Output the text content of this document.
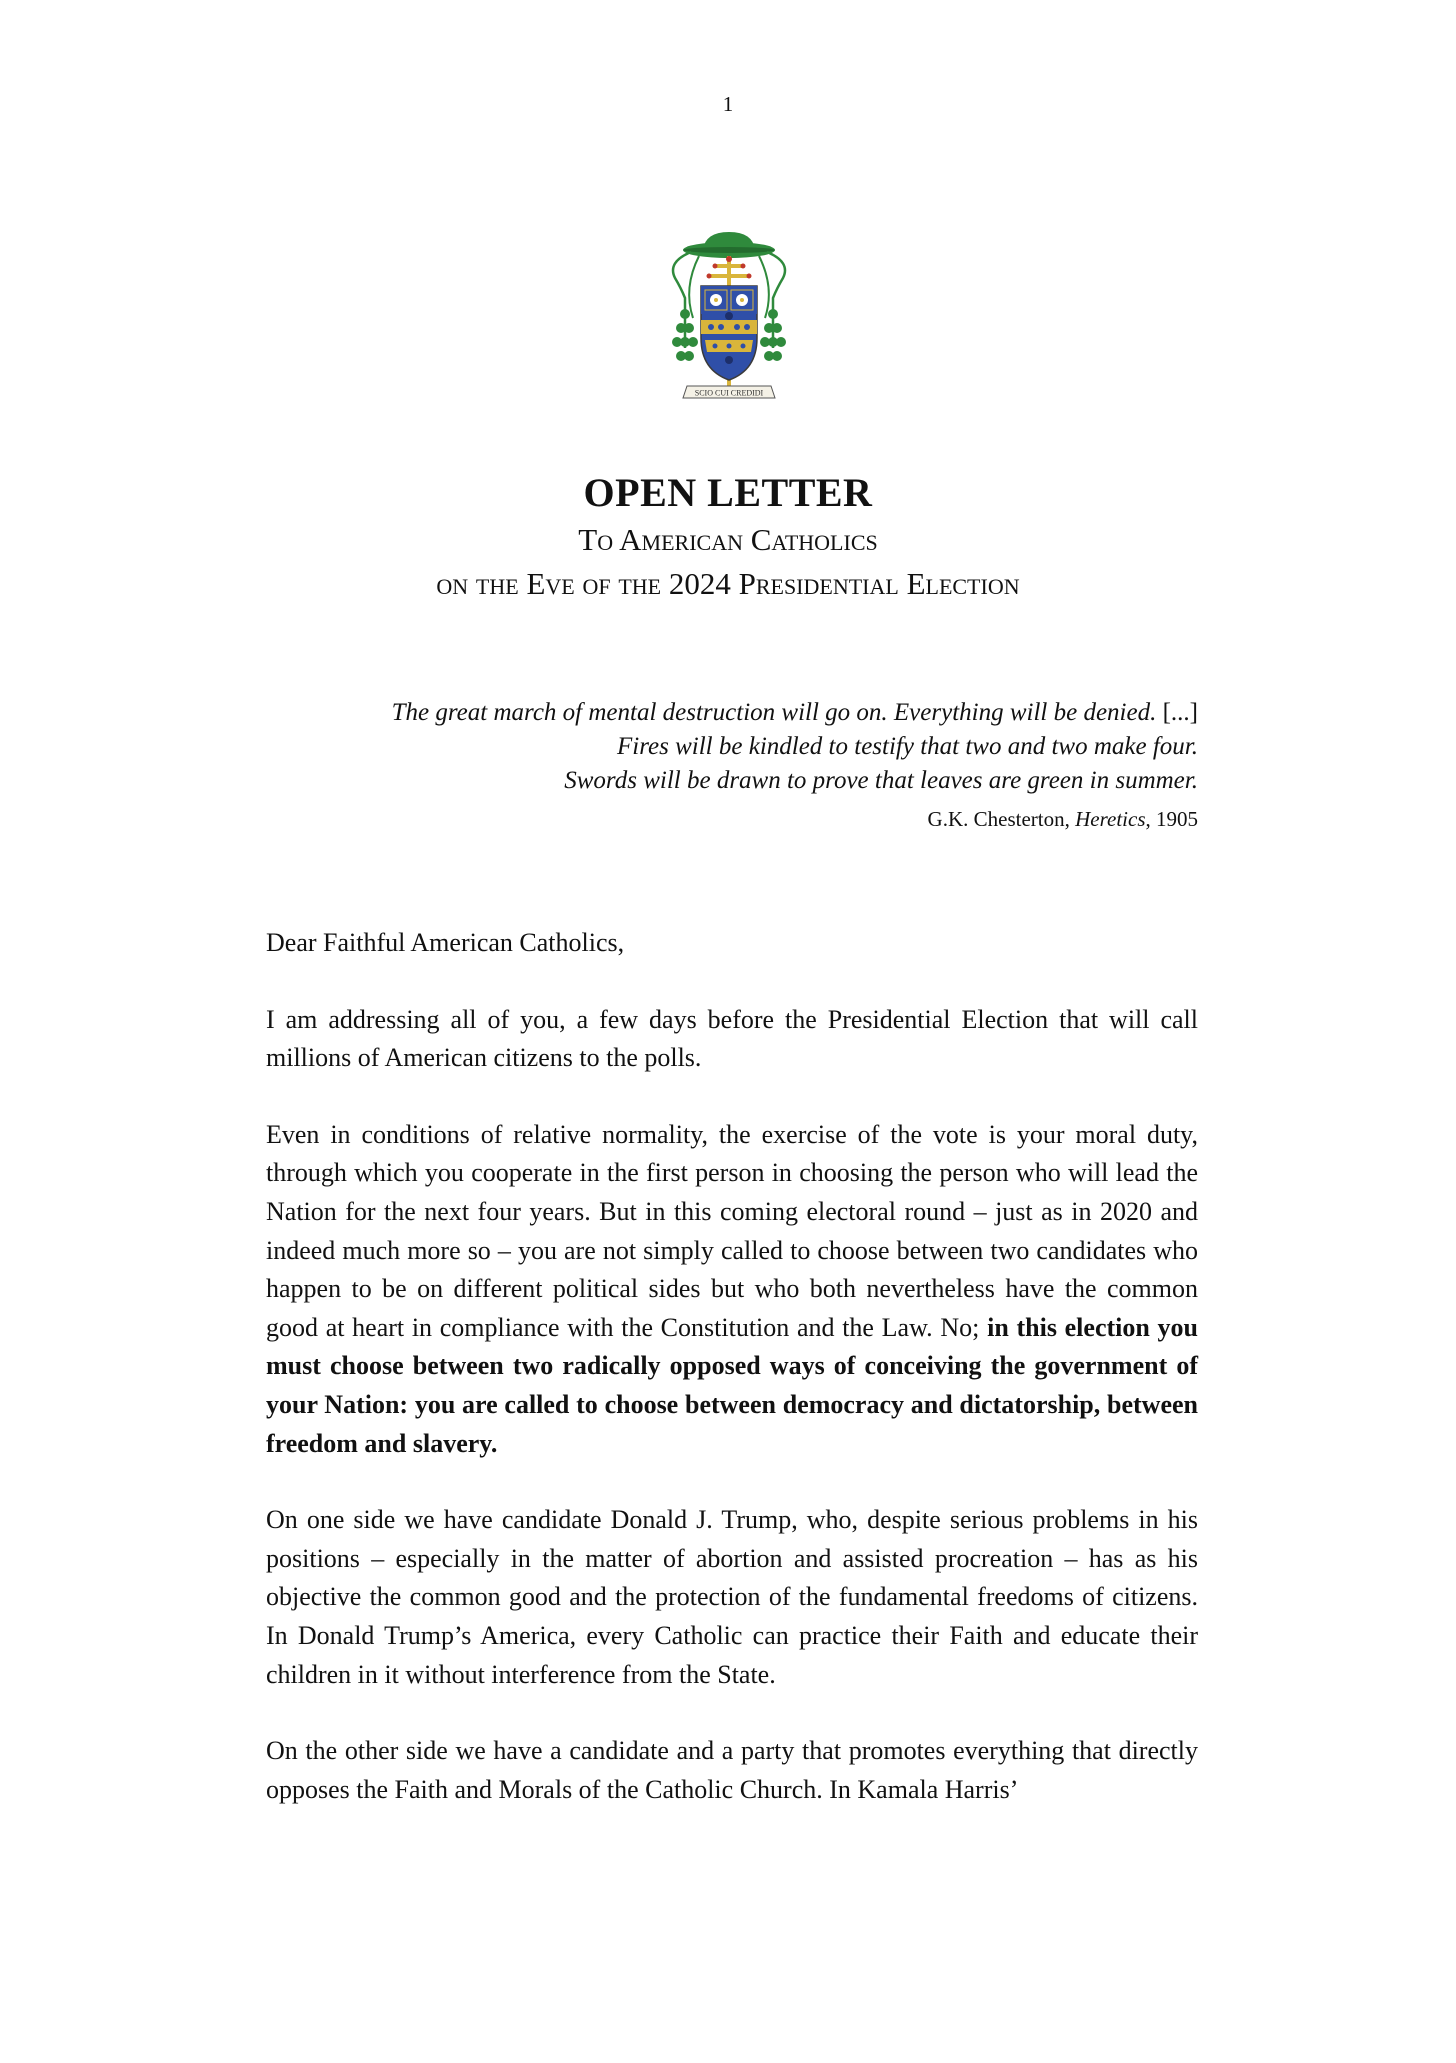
1
SCIO CUI CREDIDI
OPEN LETTER

To American Catholics

on the Eve of the 2024 Presidential Election

The great march of mental destruction will go on. Everything will be denied. [...]
Fires will be kindled to testify that two and two make four.
Swords will be drawn to prove that leaves are green in summer.
G.K. Chesterton, Heretics, 1905

Dear Faithful American Catholics,

I am addressing all of you, a few days before the Presidential Election that will call millions of American citizens to the polls.

Even in conditions of relative normality, the exercise of the vote is your moral duty, through which you cooperate in the first person in choosing the person who will lead the Nation for the next four years. But in this coming electoral round – just as in 2020 and indeed much more so – you are not simply called to choose between two candidates who happen to be on different political sides but who both nevertheless have the common good at heart in compliance with the Constitution and the Law. No; in this election you must choose between two radically opposed ways of conceiving the government of your Nation: you are called to choose between democracy and dictatorship, between freedom and slavery.

On one side we have candidate Donald J. Trump, who, despite serious problems in his positions – especially in the matter of abortion and assisted procreation – has as his objective the common good and the protection of the fundamental freedoms of citizens. In Donald Trump’s America, every Catholic can practice their Faith and educate their children in it without interference from the State.

On the other side we have a candidate and a party that promotes everything that directly opposes the Faith and Morals of the Catholic Church. In Kamala Harris’
